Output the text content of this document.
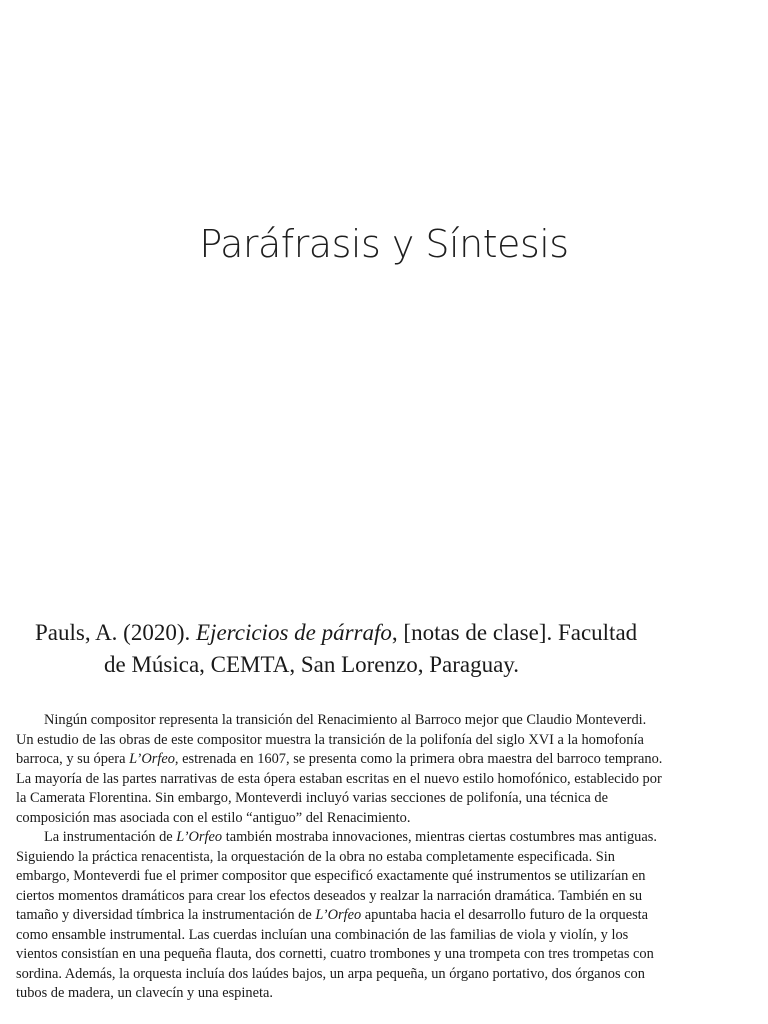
Paráfrasis y Síntesis
Pauls, A. (2020). Ejercicios de párrafo, [notas de clase]. Facultad
de Música, CEMTA, San Lorenzo, Paraguay.
Ningún compositor representa la transición del Renacimiento al Barroco mejor que Claudio Monteverdi.
Un estudio de las obras de este compositor muestra la transición de la polifonía del siglo XVI a la homofonía
barroca, y su ópera L’Orfeo, estrenada en 1607, se presenta como la primera obra maestra del barroco temprano.
La mayoría de las partes narrativas de esta ópera estaban escritas en el nuevo estilo homofónico, establecido por
la Camerata Florentina. Sin embargo, Monteverdi incluyó varias secciones de polifonía, una técnica de
composición mas asociada con el estilo “antiguo” del Renacimiento.
La instrumentación de L’Orfeo también mostraba innovaciones, mientras ciertas costumbres mas antiguas.
Siguiendo la práctica renacentista, la orquestación de la obra no estaba completamente especificada. Sin
embargo, Monteverdi fue el primer compositor que especificó exactamente qué instrumentos se utilizarían en
ciertos momentos dramáticos para crear los efectos deseados y realzar la narración dramática. También en su
tamaño y diversidad tímbrica la instrumentación de L’Orfeo apuntaba hacia el desarrollo futuro de la orquesta
como ensamble instrumental. Las cuerdas incluían una combinación de las familias de viola y violín, y los
vientos consistían en una pequeña flauta, dos cornetti, cuatro trombones y una trompeta con tres trompetas con
sordina. Además, la orquesta incluía dos laúdes bajos, un arpa pequeña, un órgano portativo, dos órganos con
tubos de madera, un clavecín y una espineta.
